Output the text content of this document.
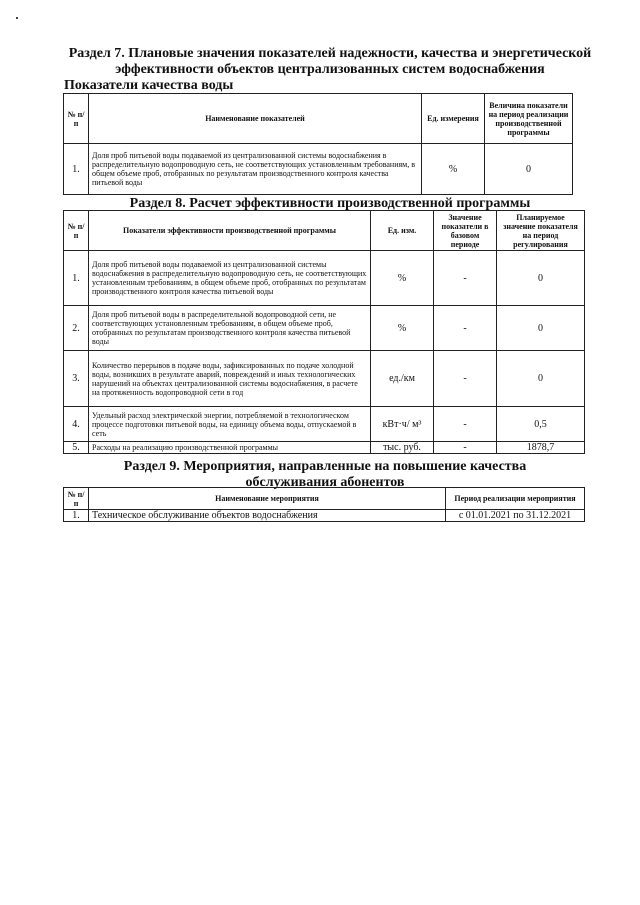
Раздел 7. Плановые значения показателей надежности, качества и энергетической эффективности объектов централизованных систем водоснабжения
Показатели качества воды
№ п/п	Наименование показателей	Ед. измерения	Величина показатели на период реализации производственной программы
1.	Доля проб питьевой воды подаваемой из централизованной системы водоснабжения в распределительную водопроводную сеть, не соответствующих установленным требованиям, в общем объеме проб, отобранных по результатам производственного контроля качества питьевой воды	%	0
Раздел 8. Расчет эффективности производственной программы
№ п/п	Показатели эффективности производственной программы	Ед. изм.	Значение показатели в базовом периоде	Планируемое значение показателя на период регулирования
1.	Доля проб питьевой воды подаваемой из централизованной системы водоснабжения в распределительную водопроводную сеть, не соответствующих установленным требованиям, в общем объеме проб, отобранных по результатам производственного контроля качества питьевой воды	%	-	0
2.	Доля проб питьевой воды в распределительной водопроводной сети, не соответствующих установленным требованиям, в общем объеме проб, отобранных по результатам производственного контроля качества питьевой воды	%	-	0
3.	Количество перерывов в подаче воды, зафиксированных по подаче холодной воды, возникших в результате аварий, повреждений и иных технологических нарушений на объектах централизованной системы водоснабжения, в расчете на протяженность водопроводной сети в год	ед./км	-	0
4.	Удельный расход электрической энергии, потребляемой в технологическом процессе подготовки питьевой воды, на единицу объема воды, отпускаемой в сеть	кВт·ч/ м³	-	0,5
5.	Расходы на реализацию производственной программы	тыс. руб.	-	1878,7
Раздел 9. Мероприятия, направленные на повышение качества обслуживания абонентов
№ п/п	Наименование мероприятия	Период реализации мероприятия
1.	Техническое обслуживание объектов водоснабжения	с 01.01.2021 по 31.12.2021
